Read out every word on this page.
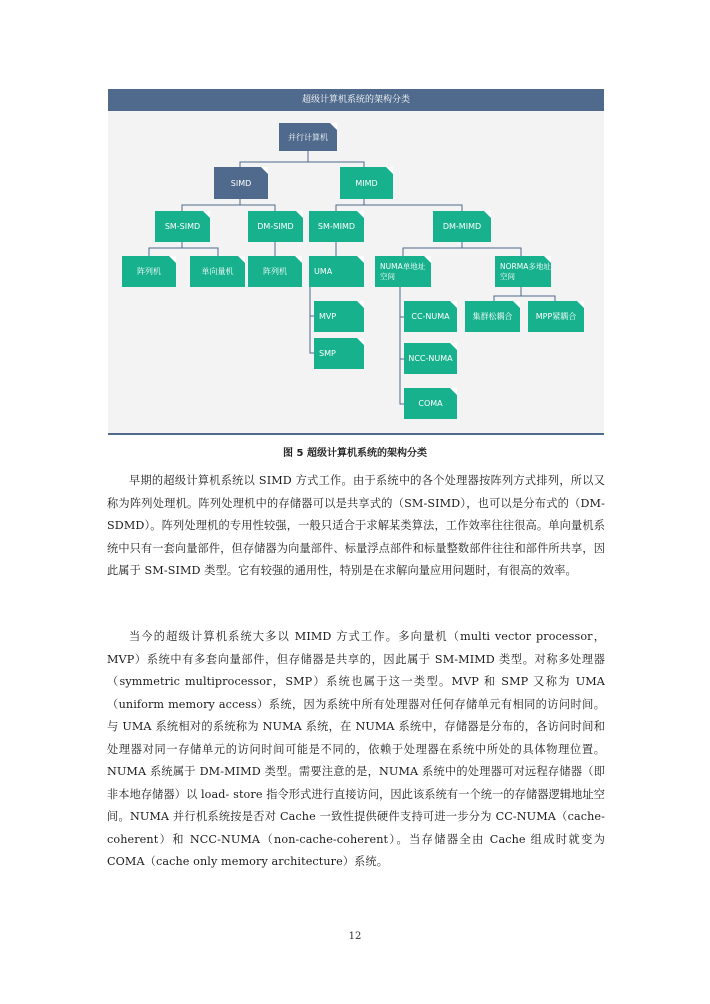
超级计算机系统的架构分类
并行计算机
SIMD	MIMD
SM-SIMD	DM-SIMD	SM-MIMD	DM-MIMD
阵列机	单向量机	阵列机	UMA
NUMA单地址空间
NORMA多地址空间
MVP
SMP
CC-NUMA
NCC-NUMA
COMA
集群松耦合	MPP紧耦合
图 5 超级计算机系统的架构分类

早期的超级计算机系统以 SIMD 方式工作。由于系统中的各个处理器按阵列方式排列，所以又称为阵列处理机。阵列处理机中的存储器可以是共享式的（SM-SIMD），也可以是分布式的（DM-SDMD）。阵列处理机的专用性较强，一般只适合于求解某类算法，工作效率往往很高。单向量机系统中只有一套向量部件，但存储器为向量部件、标量浮点部件和标量整数部件往往和部件所共享，因此属于 SM-SIMD 类型。它有较强的通用性，特别是在求解向量应用问题时，有很高的效率。

当今的超级计算机系统大多以 MIMD 方式工作。多向量机（multi vector processor，MVP）系统中有多套向量部件，但存储器是共享的，因此属于 SM-MIMD 类型。对称多处理器（symmetric multiprocessor，SMP）系统也属于这一类型。MVP 和 SMP 又称为 UMA（uniform memory access）系统，因为系统中所有处理器对任何存储单元有相同的访问时间。与 UMA 系统相对的系统称为 NUMA 系统，在 NUMA 系统中，存储器是分布的，各访问时间和处理器对同一存储单元的访问时间可能是不同的，依赖于处理器在系统中所处的具体物理位置。NUMA 系统属于 DM-MIMD 类型。需要注意的是，NUMA 系统中的处理器可对远程存储器（即非本地存储器）以 load- store 指令形式进行直接访问，因此该系统有一个统一的存储器逻辑地址空间。NUMA 并行机系统按是否对 Cache 一致性提供硬件支持可进一步分为 CC-NUMA（cache-coherent）和 NCC-NUMA（non-cache-coherent）。当存储器全由 Cache 组成时就变为 COMA（cache only memory architecture）系统。

12
